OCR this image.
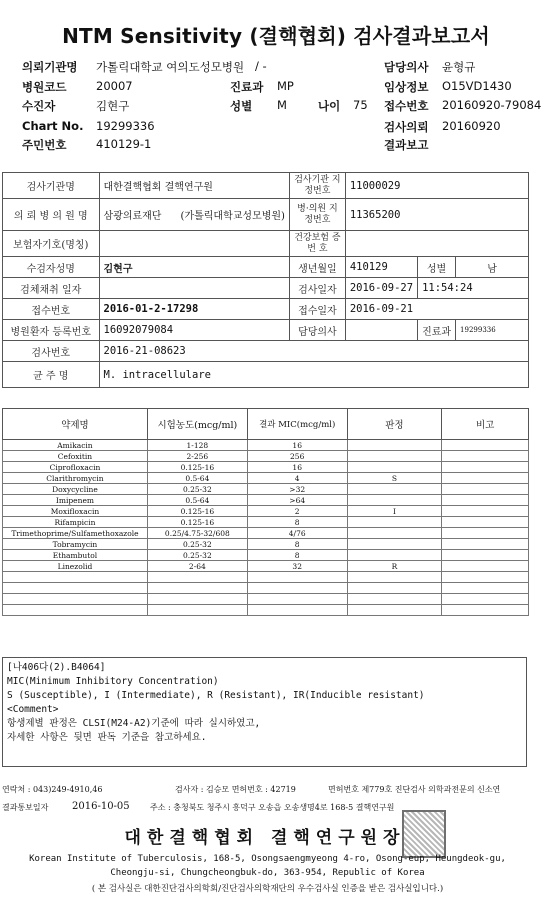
NTM Sensitivity (결핵협회) 검사결과보고서
의뢰기관명 가톨릭대학교 여의도성모병원 / -	담당의사 윤형규
병원코드	20007	진료과 MP	임상정보 O15VD1430
수진자	김현구	성별 M	나이 75 접수번호 20160920-79084
Chart No. 19299336	검사의뢰 20160920
주민번호	410129-1	결과보고
검사기관명	대한결핵협회 결핵연구원	검사기관 지정번호	11000029		
의 뢰 병 의 원 명	삼광의료재단 (가톨릭대학교성모병원)	병·의원 지정번호	11365200		
보험자기호(명칭)		건강보험 증 번 호			
수검자성명	김현구	생년월일	410129	성별	남
검체채취 일자		검사일자	2016-09-27	11:54:24	
접수번호	2016-01-2-17298	접수일자	2016-09-21		
병원환자 등록번호	16092079084	담당의사		진료과	19299336
검사번호	2016-21-08623				
균 주 명	M. intracellulare				
약제명	시험농도(mcg/ml)	결과 MIC(mcg/ml)	판정	비고
Amikacin	1-128	16		
Cefoxitin	2-256	256		
Ciprofloxacin	0.125-16	16		
Clarithromycin	0.5-64	4	S	
Doxycycline	0.25-32	>32		
Imipenem	0.5-64	>64		
Moxifloxacin	0.125-16	2	I	
Rifampicin	0.125-16	8		
Trimethoprime/Sulfamethoxazole	0.25/4.75-32/608	4/76		
Tobramycin	0.25-32	8		
Ethambutol	0.25-32	8		
Linezolid	2-64	32	R	

[나406다(2).B4064]
MIC(Minimum Inhibitory Concentration)
S (Susceptible), I (Intermediate), R (Resistant), IR(Inducible resistant)
<Comment>
항생제별 판정은 CLSI(M24-A2)기준에 따라 실시하였고,
자세한 사항은 뒷면 판독 기준을 참고하세요.
연락처 : 043)249-4910,46	검사자 : 김승모 면허번호 : 42719	면허번호 제779호 진단검사 의학과전문의 신소연
결과통보일자 2016-10-05	주소 : 충청북도 청주시 흥덕구 오송읍 오송생명4로 168-5 결핵연구원
대한결핵협회 결핵연구원장
Korean Institute of Tuberculosis, 168-5, Osongsaengmyeong 4-ro, Osong-eup, Heungdeok-gu,
Cheongju-si, Chungcheongbuk-do, 363-954, Republic of Korea
( 본 검사실은 대한진단검사의학회/진단검사의학재단의 우수검사실 인증을 받은 검사실입니다.)
